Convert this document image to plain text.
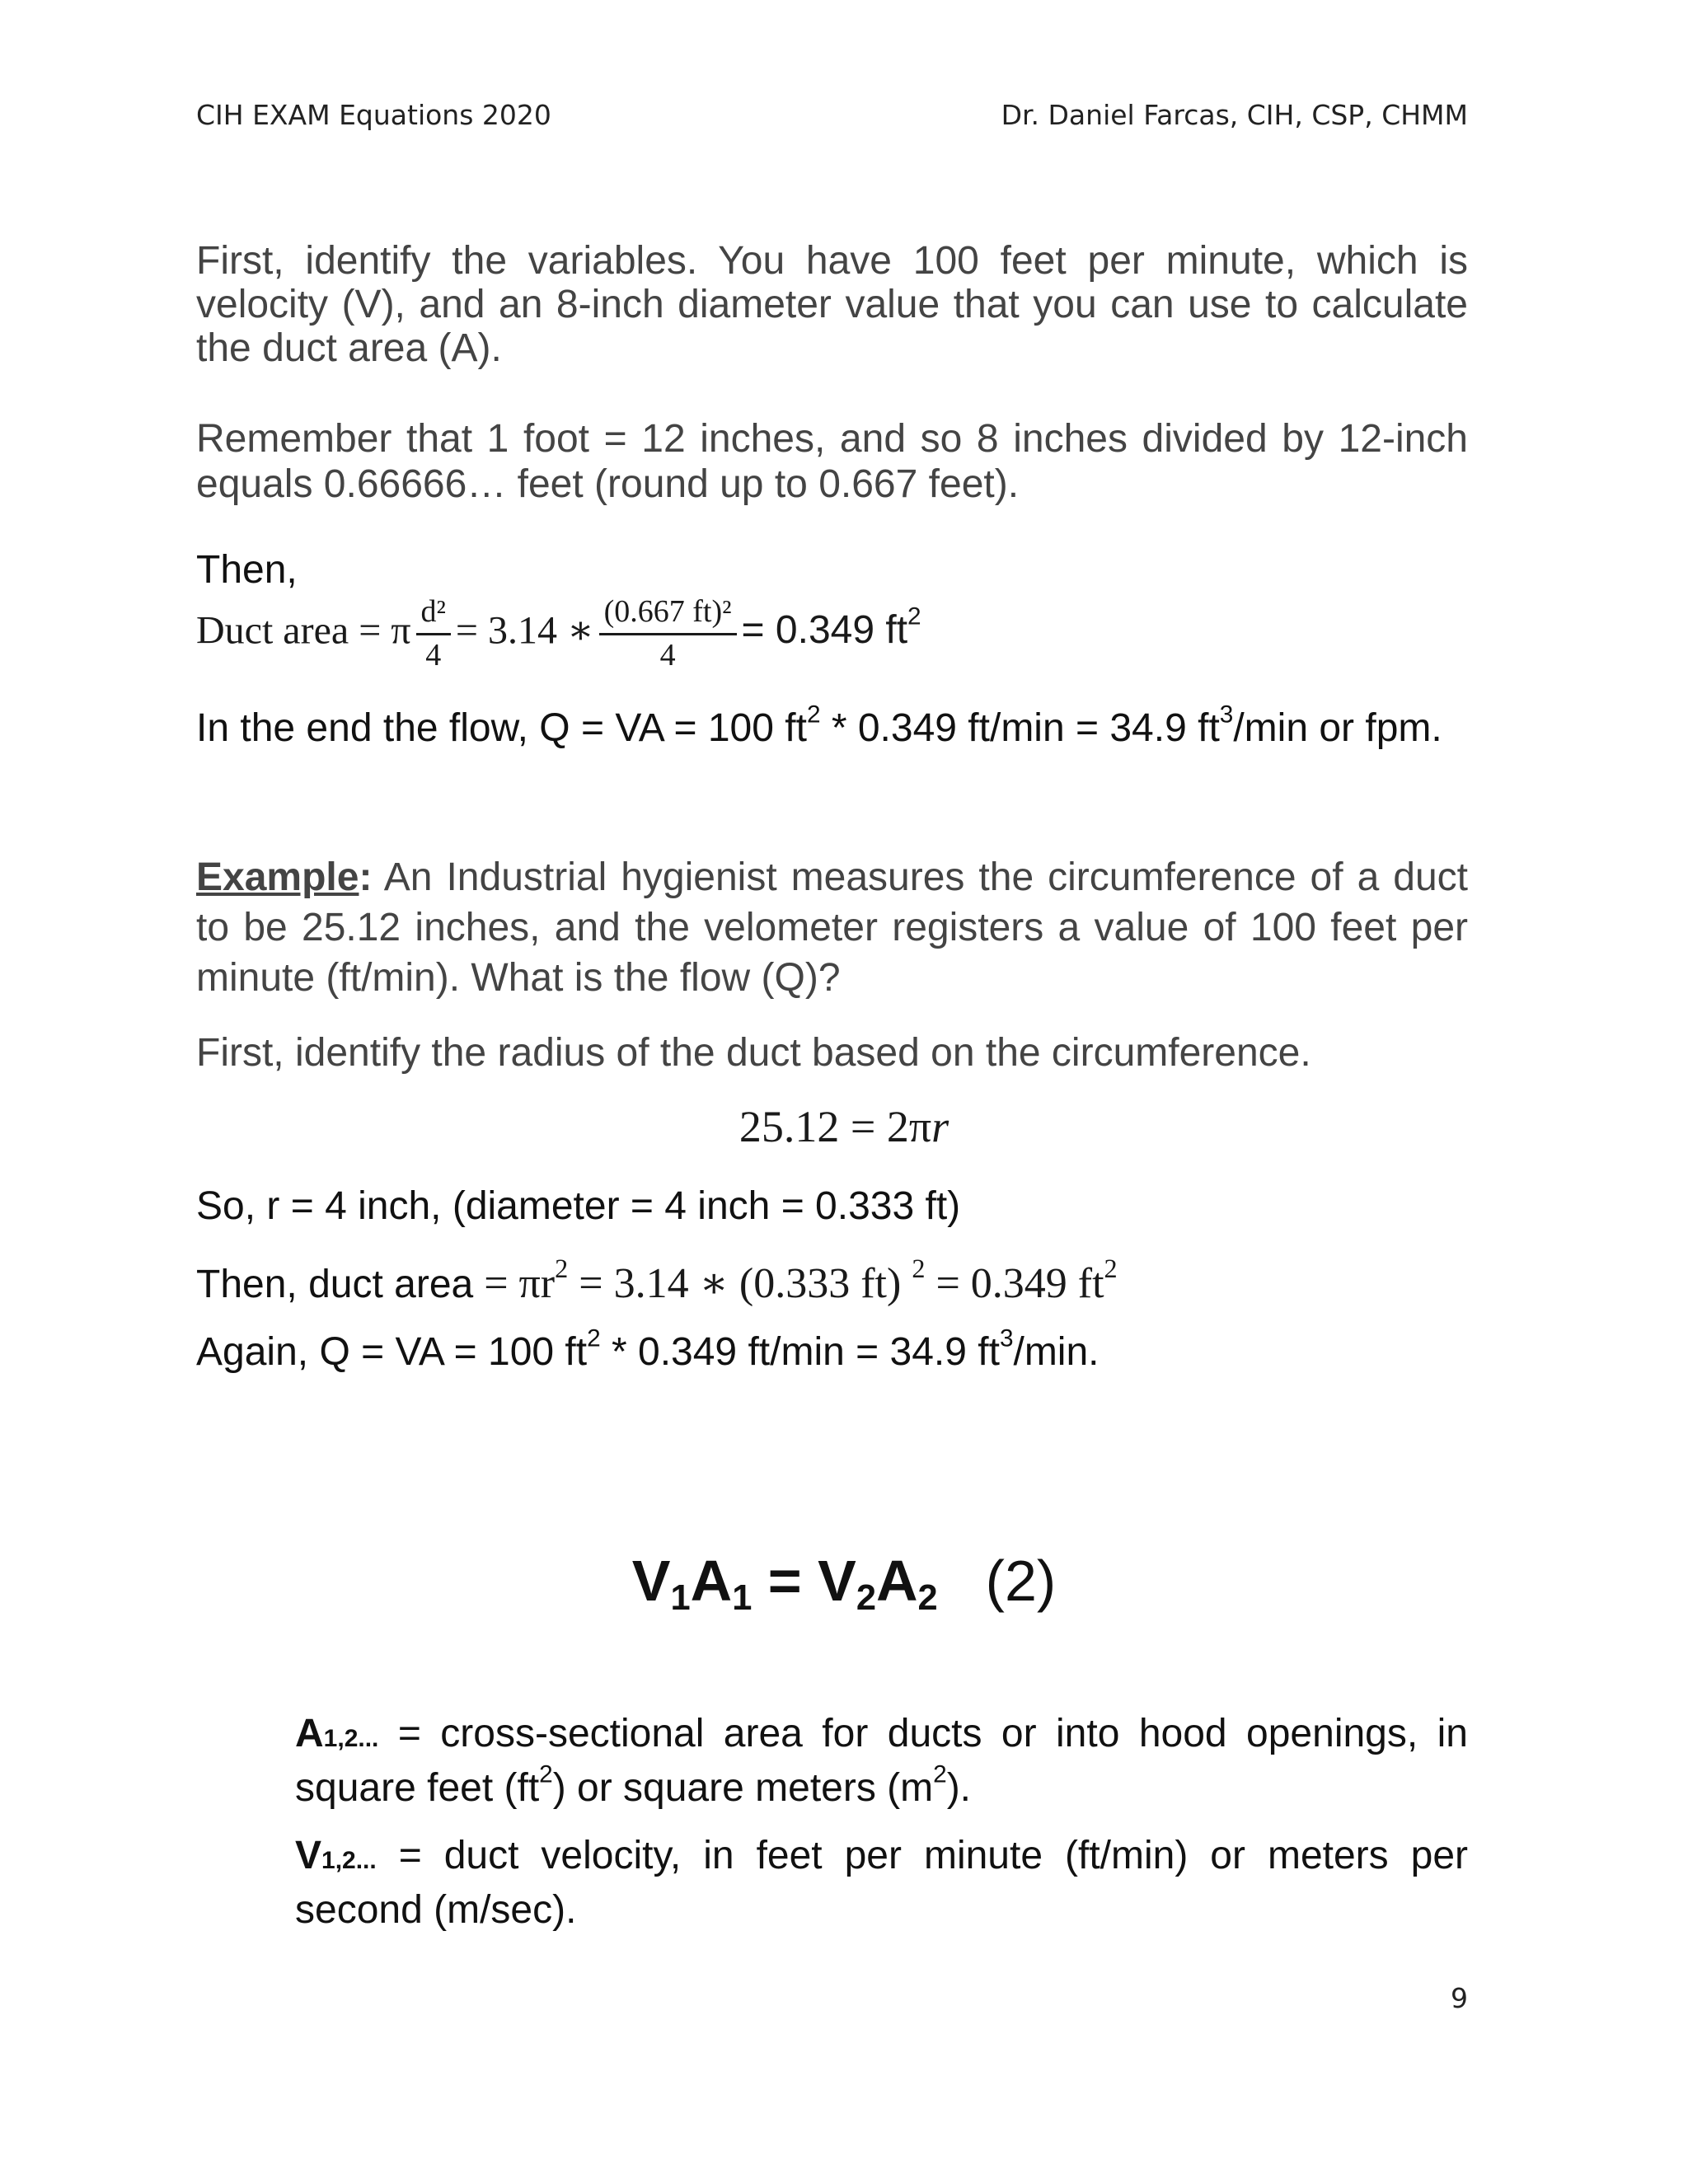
CIH EXAM Equations 2020	Dr. Daniel Farcas, CIH, CSP, CHMM

First, identify the variables. You have 100 feet per minute, which is velocity (V), and an 8-inch diameter value that you can use to calculate the duct area (A).

Remember that 1 foot = 12 inches, and so 8 inches divided by 12-inch equals 0.66666… feet (round up to 0.667 feet).

Then,

Duct area = π $\frac{\text{d²}}{4} = 3.14$ ∗ $\frac{\text{(0.667 ft)²}}{4} = 0.349$ $ft^2$

In the end the flow, Q = VA = 100 $ft^2 * 0.349$ ft/min = 34.9 $ft^3/\min$ or fpm.

Example: An Industrial hygienist measures the circumference of a duct to be 25.12 inches, and the velometer registers a value of 100 feet per minute (ft/min). What is the flow (Q)?

First, identify the radius of the duct based on the circumference.

25.12 = 2πr

So, r = 4 inch, (diameter = 4 inch = 0.333 ft)

Then, duct area = $\pi r^2 = 3.14$ ∗ (0.333 ft) $^2$ = 0.349 $ft^2$

Again, Q = VA = 100 $ft^2 * 0.349$ ft/min = 34.9 $ft^3/\min$.

$V_1A_1 = V_2A_2$ (2)

A1,2... = cross-sectional area for ducts or into hood openings, in square feet $(ft^2)$ or square meters $(m^2)$.

V1,2... = duct velocity, in feet per minute (ft/min) or meters per second (m/sec).

9
